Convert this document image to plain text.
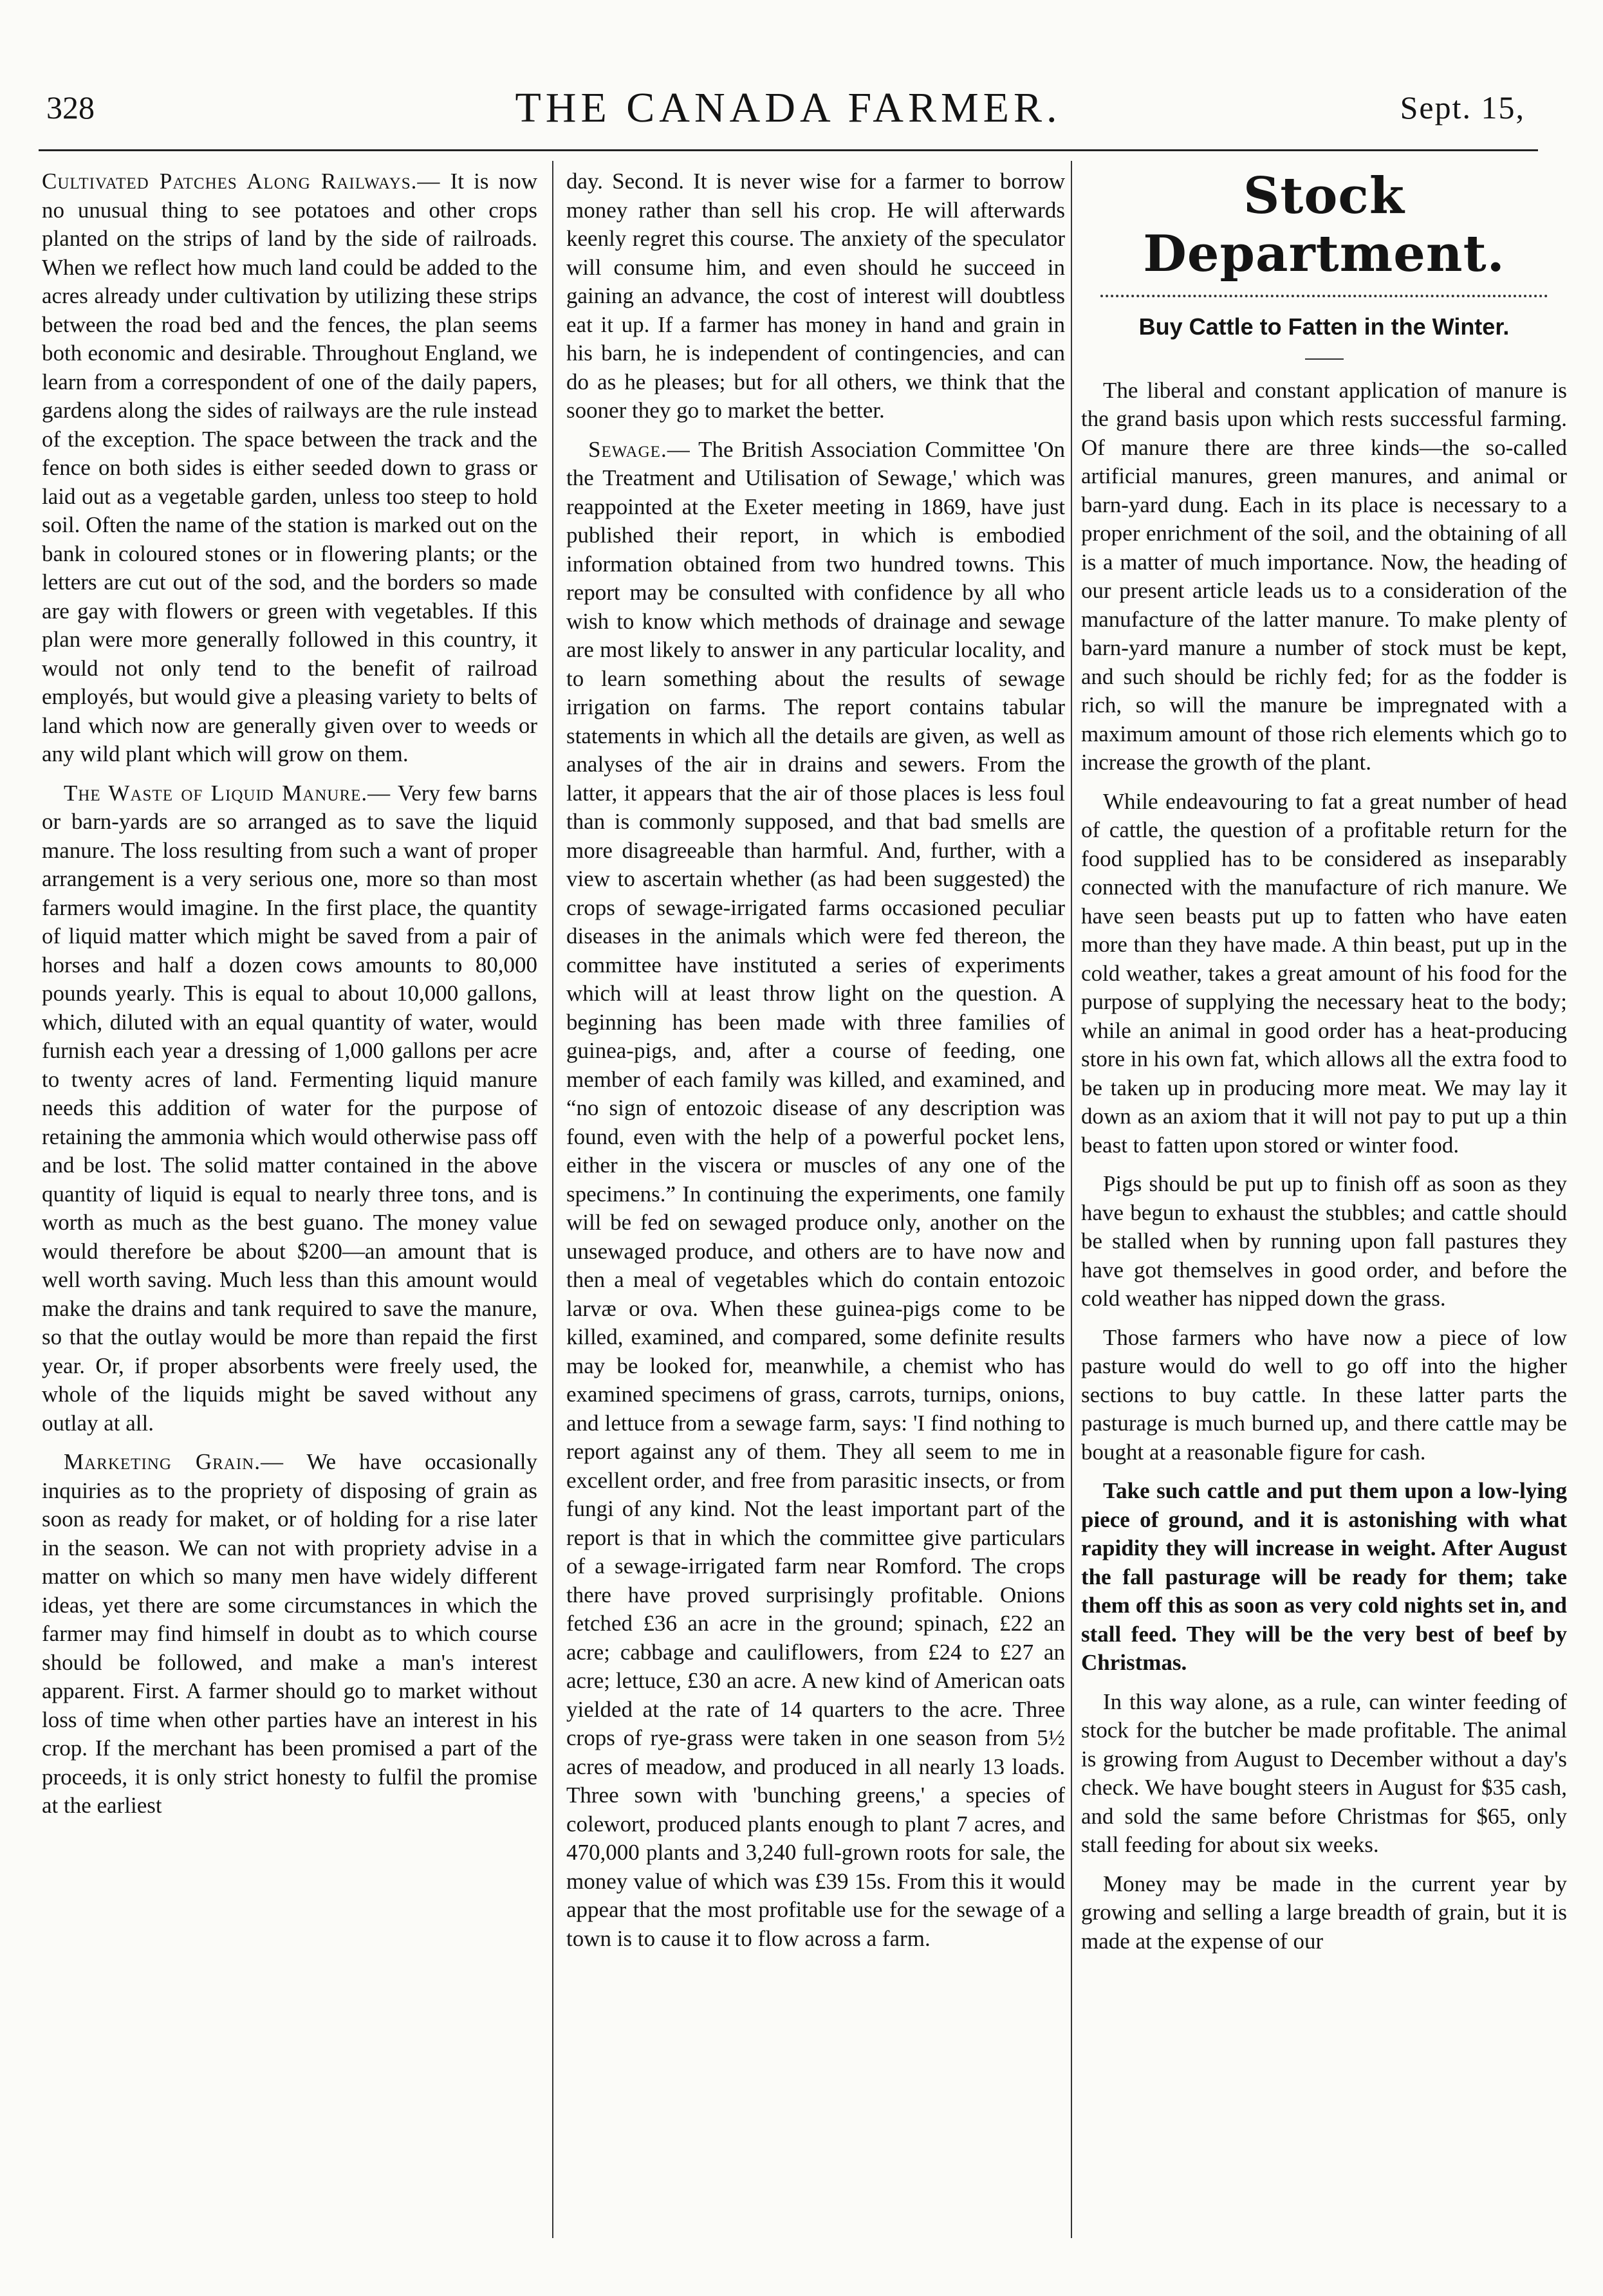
328	THE CANADA FARMER.	Sept. 15,

Cultivated Patches Along Railways.— It is now no unusual thing to see potatoes and other crops planted on the strips of land by the side of railroads. When we reflect how much land could be added to the acres already under cultivation by utilizing these strips between the road bed and the fences, the plan seems both economic and desirable. Throughout England, we learn from a correspondent of one of the daily papers, gardens along the sides of railways are the rule instead of the exception. The space between the track and the fence on both sides is either seeded down to grass or laid out as a vegetable garden, unless too steep to hold soil. Often the name of the station is marked out on the bank in coloured stones or in flowering plants; or the letters are cut out of the sod, and the borders so made are gay with flowers or green with vegetables. If this plan were more generally followed in this country, it would not only tend to the benefit of railroad employés, but would give a pleasing variety to belts of land which now are generally given over to weeds or any wild plant which will grow on them.

The Waste of Liquid Manure.— Very few barns or barn-yards are so arranged as to save the liquid manure. The loss resulting from such a want of proper arrangement is a very serious one, more so than most farmers would imagine. In the first place, the quantity of liquid matter which might be saved from a pair of horses and half a dozen cows amounts to 80,000 pounds yearly. This is equal to about 10,000 gallons, which, diluted with an equal quantity of water, would furnish each year a dressing of 1,000 gallons per acre to twenty acres of land. Fermenting liquid manure needs this addition of water for the purpose of retaining the ammonia which would otherwise pass off and be lost. The solid matter contained in the above quantity of liquid is equal to nearly three tons, and is worth as much as the best guano. The money value would therefore be about $200—an amount that is well worth saving. Much less than this amount would make the drains and tank required to save the manure, so that the outlay would be more than repaid the first year. Or, if proper absorbents were freely used, the whole of the liquids might be saved without any outlay at all.

Marketing Grain.— We have occasionally inquiries as to the propriety of disposing of grain as soon as ready for maket, or of holding for a rise later in the season. We can not with propriety advise in a matter on which so many men have widely different ideas, yet there are some circumstances in which the farmer may find himself in doubt as to which course should be followed, and make a man's interest apparent. First. A farmer should go to market without loss of time when other parties have an interest in his crop. If the merchant has been promised a part of the proceeds, it is only strict honesty to fulfil the promise at the earliest

day. Second. It is never wise for a farmer to borrow money rather than sell his crop. He will afterwards keenly regret this course. The anxiety of the speculator will consume him, and even should he succeed in gaining an advance, the cost of interest will doubtless eat it up. If a farmer has money in hand and grain in his barn, he is independent of contingencies, and can do as he pleases; but for all others, we think that the sooner they go to market the better.

Sewage.— The British Association Committee 'On the Treatment and Utilisation of Sewage,' which was reappointed at the Exeter meeting in 1869, have just published their report, in which is embodied information obtained from two hundred towns. This report may be consulted with confidence by all who wish to know which methods of drainage and sewage are most likely to answer in any particular locality, and to learn something about the results of sewage irrigation on farms. The report contains tabular statements in which all the details are given, as well as analyses of the air in drains and sewers. From the latter, it appears that the air of those places is less foul than is commonly supposed, and that bad smells are more disagreeable than harmful. And, further, with a view to ascertain whether (as had been suggested) the crops of sewage-irrigated farms occasioned peculiar diseases in the animals which were fed thereon, the committee have instituted a series of experiments which will at least throw light on the question. A beginning has been made with three families of guinea-pigs, and, after a course of feeding, one member of each family was killed, and examined, and “no sign of entozoic disease of any description was found, even with the help of a powerful pocket lens, either in the viscera or muscles of any one of the specimens.” In continuing the experiments, one family will be fed on sewaged produce only, another on the unsewaged produce, and others are to have now and then a meal of vegetables which do contain entozoic larvæ or ova. When these guinea-pigs come to be killed, examined, and compared, some definite results may be looked for, meanwhile, a chemist who has examined specimens of grass, carrots, turnips, onions, and lettuce from a sewage farm, says: 'I find nothing to report against any of them. They all seem to me in excellent order, and free from parasitic insects, or from fungi of any kind. Not the least important part of the report is that in which the committee give particulars of a sewage-irrigated farm near Romford. The crops there have proved surprisingly profitable. Onions fetched £36 an acre in the ground; spinach, £22 an acre; cabbage and cauliflowers, from £24 to £27 an acre; lettuce, £30 an acre. A new kind of American oats yielded at the rate of 14 quarters to the acre. Three crops of rye-grass were taken in one season from 5½ acres of meadow, and produced in all nearly 13 loads. Three sown with 'bunching greens,' a species of colewort, produced plants enough to plant 7 acres, and 470,000 plants and 3,240 full-grown roots for sale, the money value of which was £39 15s. From this it would appear that the most profitable use for the sewage of a town is to cause it to flow across a farm.

Stock Department.
Buy Cattle to Fatten in the Winter.

The liberal and constant application of manure is the grand basis upon which rests successful farming. Of manure there are three kinds—the so-called artificial manures, green manures, and animal or barn-yard dung. Each in its place is necessary to a proper enrichment of the soil, and the obtaining of all is a matter of much importance. Now, the heading of our present article leads us to a consideration of the manufacture of the latter manure. To make plenty of barn-yard manure a number of stock must be kept, and such should be richly fed; for as the fodder is rich, so will the manure be impregnated with a maximum amount of those rich elements which go to increase the growth of the plant.

While endeavouring to fat a great number of head of cattle, the question of a profitable return for the food supplied has to be considered as inseparably connected with the manufacture of rich manure. We have seen beasts put up to fatten who have eaten more than they have made. A thin beast, put up in the cold weather, takes a great amount of his food for the purpose of supplying the necessary heat to the body; while an animal in good order has a heat-producing store in his own fat, which allows all the extra food to be taken up in producing more meat. We may lay it down as an axiom that it will not pay to put up a thin beast to fatten upon stored or winter food.

Pigs should be put up to finish off as soon as they have begun to exhaust the stubbles; and cattle should be stalled when by running upon fall pastures they have got themselves in good order, and before the cold weather has nipped down the grass.

Those farmers who have now a piece of low pasture would do well to go off into the higher sections to buy cattle. In these latter parts the pasturage is much burned up, and there cattle may be bought at a reasonable figure for cash.

Take such cattle and put them upon a low-lying piece of ground, and it is astonishing with what rapidity they will increase in weight. After August the fall pasturage will be ready for them; take them off this as soon as very cold nights set in, and stall feed. They will be the very best of beef by Christmas.

In this way alone, as a rule, can winter feeding of stock for the butcher be made profitable. The animal is growing from August to December without a day's check. We have bought steers in August for $35 cash, and sold the same before Christmas for $65, only stall feeding for about six weeks.

Money may be made in the current year by growing and selling a large breadth of grain, but it is made at the expense of our
